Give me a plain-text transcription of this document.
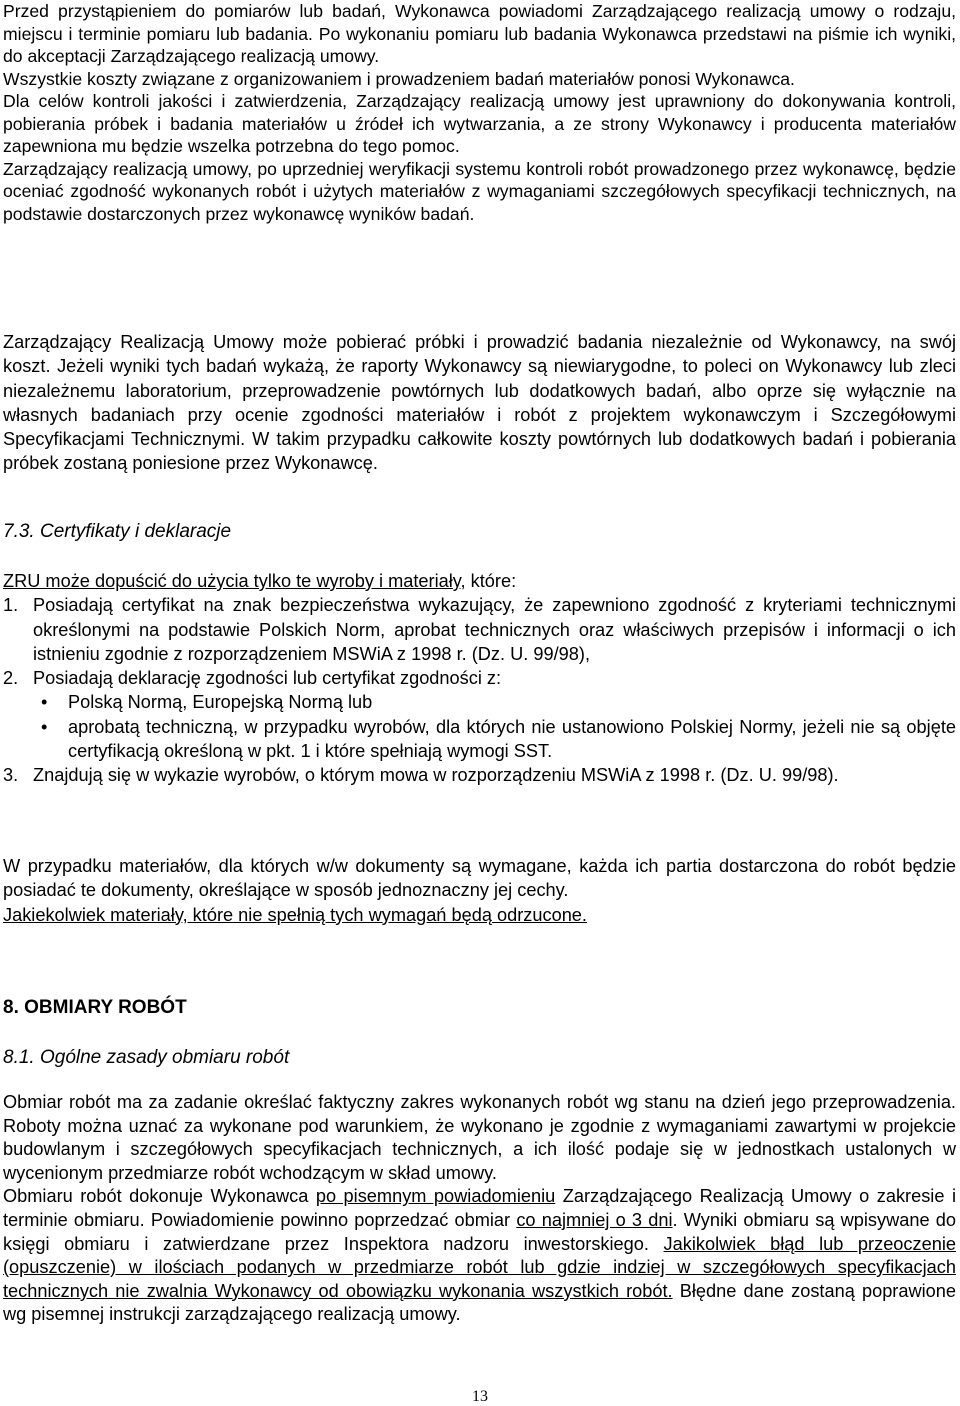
Przed przystąpieniem do pomiarów lub badań, Wykonawca powiadomi Zarządzającego realizacją umowy o rodzaju, miejscu i terminie pomiaru lub badania. Po wykonaniu pomiaru lub badania Wykonawca przedstawi na piśmie ich wyniki, do akceptacji Zarządzającego realizacją umowy.

Wszystkie koszty związane z organizowaniem i prowadzeniem badań materiałów ponosi Wykonawca.

Dla celów kontroli jakości i zatwierdzenia, Zarządzający realizacją umowy jest uprawniony do dokonywania kontroli, pobierania próbek i badania materiałów u źródeł ich wytwarzania, a ze strony Wykonawcy i producenta materiałów zapewniona mu będzie wszelka potrzebna do tego pomoc.

Zarządzający realizacją umowy, po uprzedniej weryfikacji systemu kontroli robót prowadzonego przez wykonawcę, będzie oceniać zgodność wykonanych robót i użytych materiałów z wymaganiami szczegółowych specyfikacji technicznych, na podstawie dostarczonych przez wykonawcę wyników badań.

Zarządzający Realizacją Umowy może pobierać próbki i prowadzić badania niezależnie od Wykonawcy, na swój koszt. Jeżeli wyniki tych badań wykażą, że raporty Wykonawcy są niewiarygodne, to poleci on Wykonawcy lub zleci niezależnemu laboratorium, przeprowadzenie powtórnych lub dodatkowych badań, albo oprze się wyłącznie na własnych badaniach przy ocenie zgodności materiałów i robót z projektem wykonawczym i Szczegółowymi Specyfikacjami Technicznymi. W takim przypadku całkowite koszty powtórnych lub dodatkowych badań i pobierania próbek zostaną poniesione przez Wykonawcę.

7.3. Certyfikaty i deklaracje

ZRU może dopuścić do użycia tylko te wyroby i materiały, które:

1. Posiadają certyfikat na znak bezpieczeństwa wykazujący, że zapewniono zgodność z kryteriami technicznymi określonymi na podstawie Polskich Norm, aprobat technicznych oraz właściwych przepisów i informacji o ich istnieniu zgodnie z rozporządzeniem MSWiA z 1998 r. (Dz. U. 99/98),

2. Posiadają deklarację zgodności lub certyfikat zgodności z:

• Polską Normą, Europejską Normą lub

• aprobatą techniczną, w przypadku wyrobów, dla których nie ustanowiono Polskiej Normy, jeżeli nie są objęte certyfikacją określoną w pkt. 1 i które spełniają wymogi SST.

3. Znajdują się w wykazie wyrobów, o którym mowa w rozporządzeniu MSWiA z 1998 r. (Dz. U. 99/98).

W przypadku materiałów, dla których w/w dokumenty są wymagane, każda ich partia dostarczona do robót będzie posiadać te dokumenty, określające w sposób jednoznaczny jej cechy.

Jakiekolwiek materiały, które nie spełnią tych wymagań będą odrzucone.

8. OBMIARY ROBÓT
8.1. Ogólne zasady obmiaru robót

Obmiar robót ma za zadanie określać faktyczny zakres wykonanych robót wg stanu na dzień jego przeprowadzenia. Roboty można uznać za wykonane pod warunkiem, że wykonano je zgodnie z wymaganiami zawartymi w projekcie budowlanym i szczegółowych specyfikacjach technicznych, a ich ilość podaje się w jednostkach ustalonych w wycenionym przedmiarze robót wchodzącym w skład umowy.

Obmiaru robót dokonuje Wykonawca po pisemnym powiadomieniu Zarządzającego Realizacją Umowy o zakresie i terminie obmiaru. Powiadomienie powinno poprzedzać obmiar co najmniej o 3 dni. Wyniki obmiaru są wpisywane do księgi obmiaru i zatwierdzane przez Inspektora nadzoru inwestorskiego. Jakikolwiek błąd lub przeoczenie (opuszczenie) w ilościach podanych w przedmiarze robót lub gdzie indziej w szczegółowych specyfikacjach technicznych nie zwalnia Wykonawcy od obowiązku wykonania wszystkich robót. Błędne dane zostaną poprawione wg pisemnej instrukcji zarządzającego realizacją umowy.

13
